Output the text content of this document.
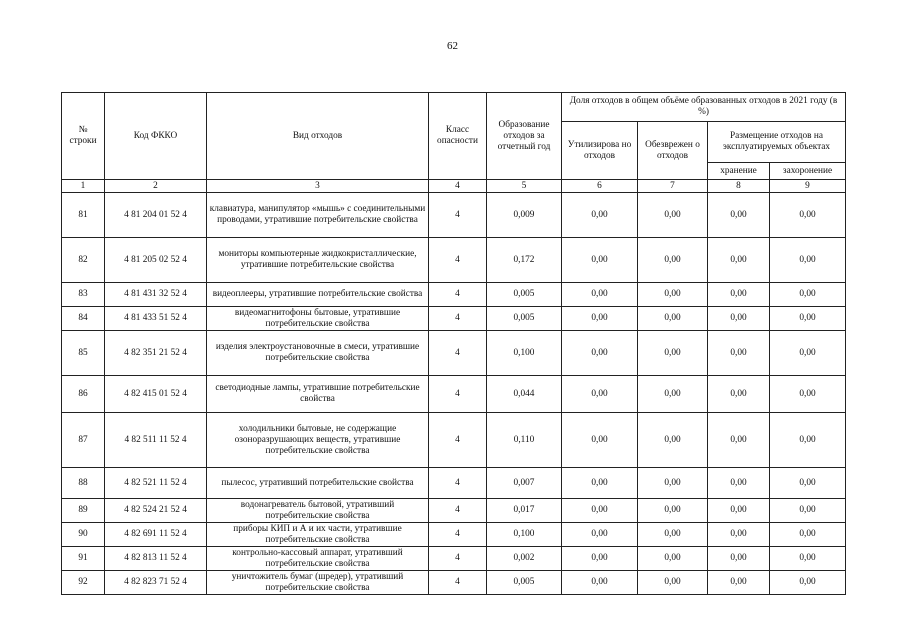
62
№ строки	Код ФККО	Вид отходов	Класс опасности	Образование отходов за отчетный год	Доля отходов в общем объёме образованных отходов в 2021 году (в %)			
					Утилизирова но отходов	Обезврежен о отходов	Размещение отходов на эксплуатируемых объектах	
							хранение	захоронение
1	2	3	4	5	6	7	8	9
81	4 81 204 01 52 4	клавиатура, манипулятор «мышь» с соединительными проводами, утратившие потребительские свойства	4	0,009	0,00	0,00	0,00	0,00
82	4 81 205 02 52 4	мониторы компьютерные жидкокристаллические, утратившие потребительские свойства	4	0,172	0,00	0,00	0,00	0,00
83	4 81 431 32 52 4	видеоплееры, утратившие потребительские свойства	4	0,005	0,00	0,00	0,00	0,00
84	4 81 433 51 52 4	видеомагнитофоны бытовые, утратившие потребительские свойства	4	0,005	0,00	0,00	0,00	0,00
85	4 82 351 21 52 4	изделия электроустановочные в смеси, утратившие потребительские свойства	4	0,100	0,00	0,00	0,00	0,00
86	4 82 415 01 52 4	светодиодные лампы, утратившие потребительские свойства	4	0,044	0,00	0,00	0,00	0,00
87	4 82 511 11 52 4	холодильники бытовые, не содержащие озоноразрушающих веществ, утратившие потребительские свойства	4	0,110	0,00	0,00	0,00	0,00
88	4 82 521 11 52 4	пылесос, утративший потребительские свойства	4	0,007	0,00	0,00	0,00	0,00
89	4 82 524 21 52 4	водонагреватель бытовой, утративший потребительские свойства	4	0,017	0,00	0,00	0,00	0,00
90	4 82 691 11 52 4	приборы КИП и А и их части, утратившие потребительские свойства	4	0,100	0,00	0,00	0,00	0,00
91	4 82 813 11 52 4	контрольно-кассовый аппарат, утративший потребительские свойства	4	0,002	0,00	0,00	0,00	0,00
92	4 82 823 71 52 4	уничтожитель бумаг (шредер), утративший потребительские свойства	4	0,005	0,00	0,00	0,00	0,00
